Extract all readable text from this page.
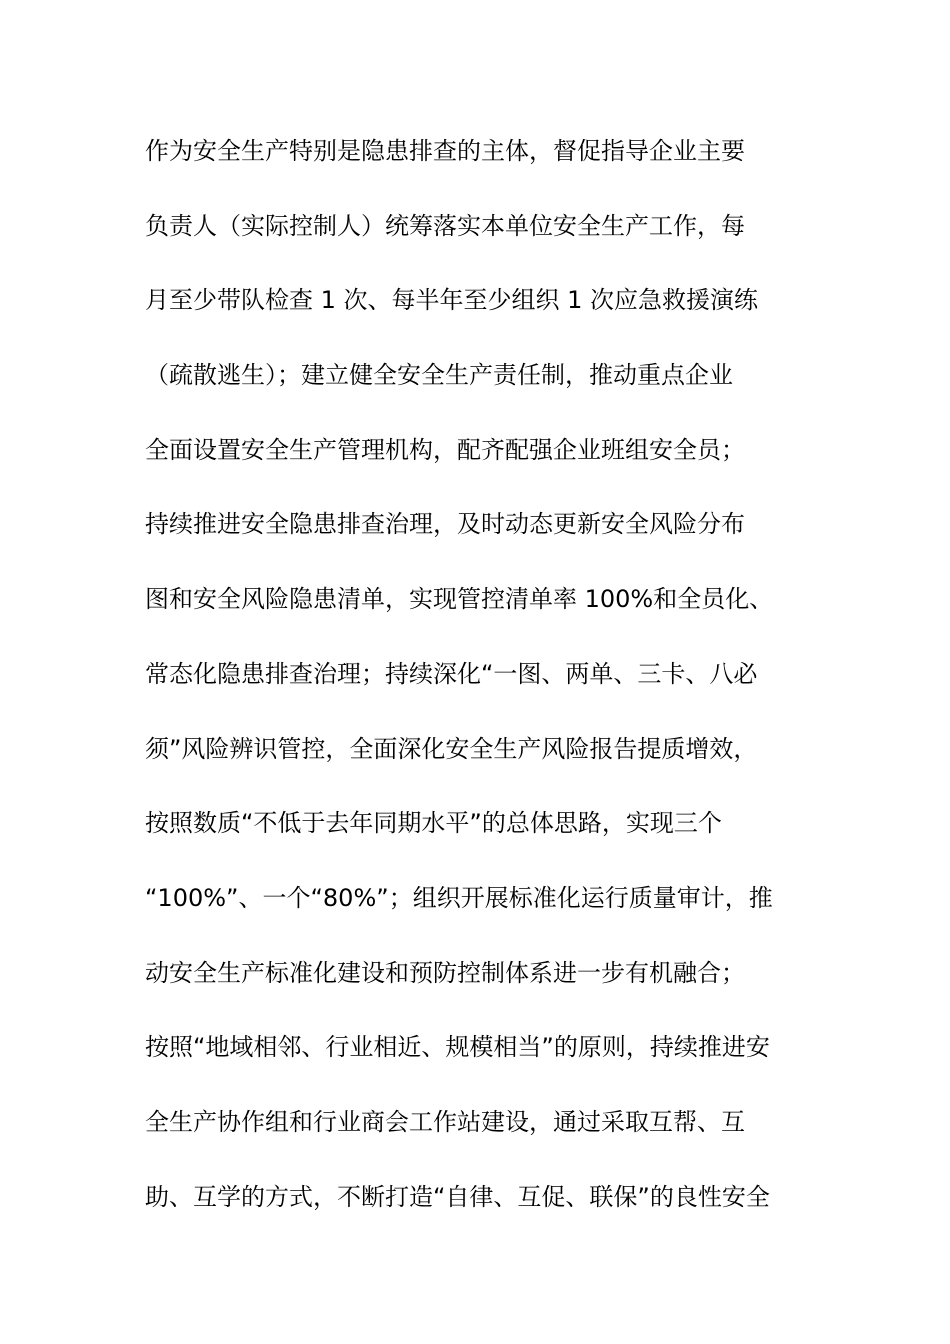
作为安全生产特别是隐患排查的主体，督促指导企业主要
负责人（实际控制人）统筹落实本单位安全生产工作，每
月至少带队检查 1 次、每半年至少组织 1 次应急救援演练
（疏散逃生）；建立健全安全生产责任制，推动重点企业
全面设置安全生产管理机构，配齐配强企业班组安全员；
持续推进安全隐患排查治理，及时动态更新安全风险分布
图和安全风险隐患清单，实现管控清单率 100%和全员化、
常态化隐患排查治理；持续深化“一图、两单、三卡、八必
须”风险辨识管控，全面深化安全生产风险报告提质增效，
按照数质“不低于去年同期水平”的总体思路，实现三个
“100%”、一个“80%”；组织开展标准化运行质量审计，推
动安全生产标准化建设和预防控制体系进一步有机融合；
按照“地域相邻、行业相近、规模相当”的原则，持续推进安
全生产协作组和行业商会工作站建设，通过采取互帮、互
助、互学的方式，不断打造“自律、互促、联保”的良性安全
